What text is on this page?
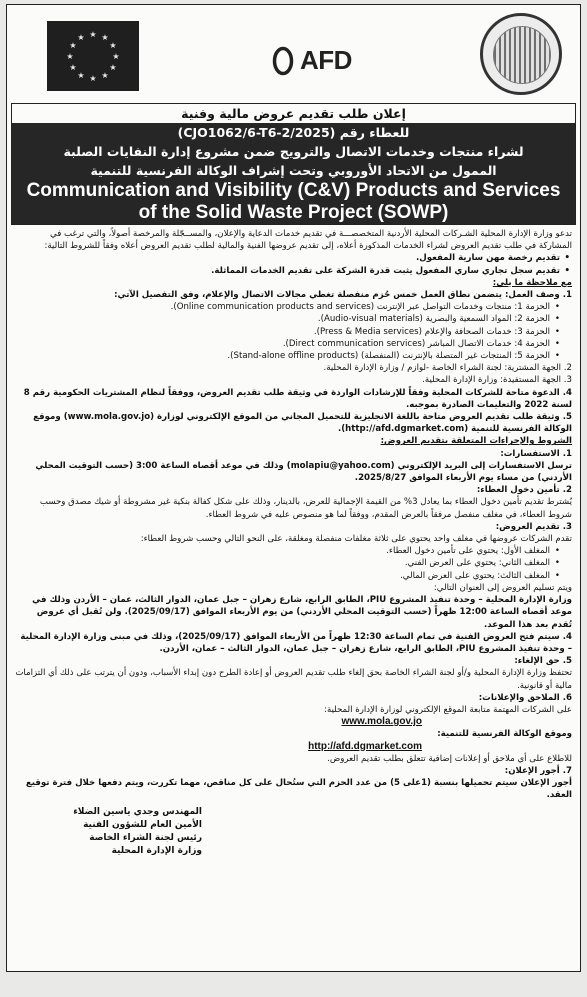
★ ★
★
★
★
★
★
★
★
★
★
★
AFD
إعلان طلب تقديم عروض مالية وفنية
للعطاء رقم (CJO1062/6-T6-2/2025)
لشراء منتجات وخدمات الاتصال والترويج ضمن مشروع إدارة النفايات الصلبة
الممول من الاتحاد الأوروبي وتحت إشراف الوكالة الفرنسية للتنمية
Communication and Visibility (C&V) Products and Services
of the Solid Waste Project (SOWP)

تدعو وزارة الإدارة المحلية الشـركات المحلية الأردنية المتخصصـــة في تقديم خدمات الدعاية والإعلان، والمســجّلة والمرخصة أصولاً، والتي ترغب في المشاركة في طلب تقديم العروض لشراء الخدمات المذكورة أعلاه، إلى تقديم عروضها الفنية والمالية لطلب تقديم العروض أعلاه وفقاً للشروط التالية:

• تقديم رخصة مهن سارية المفعول.

• تقديم سجل تجاري ساري المفعول يثبت قدرة الشركة على تقديم الخدمات المماثلة.

مع ملاحظة ما يلي:

1. وصف العمل: يتضمن نطاق العمل خمس حُزم منفصلة تغطي مجالات الاتصال والإعلام، وفق التفصيل الآتي:

• الحزمة 1: منتجات وخدمات التواصل عبر الإنترنت (Online communication products and services).

• الحزمة 2: المواد السمعية والبصرية (Audio-visual materials).

• الحزمة 3: خدمات الصحافة والإعلام (Press & Media services).

• الحزمة 4: خدمات الاتصال المباشر (Direct communication services).

• الحزمة 5: المنتجات غير المتصلة بالإنترنت (المنفصلة) (Stand-alone offline products).

2. الجهة المشترية: لجنة الشراء الخاصة -لوازم / وزارة الإدارة المحلية.

3. الجهة المستفيدة: وزارة الإدارة المحلية.

4. الدعوة متاحة للشركات المحلية وفقاً للإرشادات الواردة في وثيقة طلب تقديم العروض، ووفقاً لنظام المشتريات الحكومية رقم 8 لسنة 2022 والتعليمات الصادرة بموجبه.

5. وثيقة طلب تقديم العروض متاحة باللغة الانجليزية للتحميل المجاني من الموقع الإلكتروني لوزارة (www.mola.gov.jo) وموقع الوكالة الفرنسية للتنمية (http://afd.dgmarket.com).

الشروط والإجراءات المتعلقة بتقديم العروض:

1. الاستفسارات:

ترسل الاستفسارات إلى البريد الإلكتروني (molapiu@yahoo.com) وذلك في موعد أقصاه الساعة 3:00 (حسب التوقيت المحلي الأردني) من مساء يوم الأربعاء الموافق 2025/8/27.

2. تأمين دخول العطاء:

يُشترط تقديم تأمين دخول العطاء بما يعادل 3% من القيمة الإجمالية للعرض، بالدينار، وذلك على شكل كفالة بنكية غير مشروطة أو شيك مصدق وحسب شروط العطاء، في مغلف منفصل مرفقاً بالعرض المقدم، ووفقاً لما هو منصوص عليه في شروط العطاء.

3. تقديم العروض:

تقدم الشركات عروضها في مغلف واحد يحتوي على ثلاثة مغلفات منفصلة ومغلقة، على النحو التالي وحسب شروط العطاء:

• المغلف الأول: يحتوي على تأمين دخول العطاء.

• المغلف الثاني: يحتوي على العرض الفني.

• المغلف الثالث: يحتوي على العرض المالي.

ويتم تسليم العروض إلى العنوان التالي:

وزارة الإدارة المحلية – وحدة تنفيذ المشروع PIU، الطابق الرابع، شارع زهران – جبل عمان، الدوار الثالث، عمان – الأردن وذلك في موعد أقصاه الساعة 12:00 ظهراً (حسب التوقيت المحلي الأردني) من يوم الأربعاء الموافق (2025/09/17). ولن تُقبل أي عروض تُقدم بعد هذا الموعد.

4. سيتم فتح العروض الفنية في تمام الساعة 12:30 ظهراً من الأربعاء الموافق (2025/09/17)، وذلك في مبنى وزارة الإدارة المحلية – وحدة تنفيذ المشروع PIU، الطابق الرابع، شارع زهران – جبل عمان، الدوار الثالث – عمان، الأردن.

5. حق الإلغاء:

تحتفظ وزارة الإدارة المحلية و/أو لجنة الشراء الخاصة بحق إلغاء طلب تقديم العروض أو إعادة الطرح دون إبداء الأسباب، ودون أن يترتب على ذلك أي التزامات مالية أو قانونية.

6. الملاحق والإعلانات:

على الشركات المهتمة متابعة الموقع الإلكتروني لوزارة الإدارة المحلية:

www.mola.gov.jo

وموقع الوكالة الفرنسية للتنمية:

http://afd.dgmarket.com

للاطلاع على أي ملاحق أو إعلانات إضافية تتعلق بطلب تقديم العروض.

7. أجور الإعلان:

أجور الإعلان سيتم تحميلها بنسبة (1على 5) من عدد الحزم التي ستُحال على كل مناقص، مهما تكررت، ويتم دفعها خلال فترة توقيع العقد.

المهندس وجدي ياسين الضلاء
الأمين العام للشؤون الفنية
رئيس لجنة الشراء الخاصة
وزارة الإدارة المحلية
